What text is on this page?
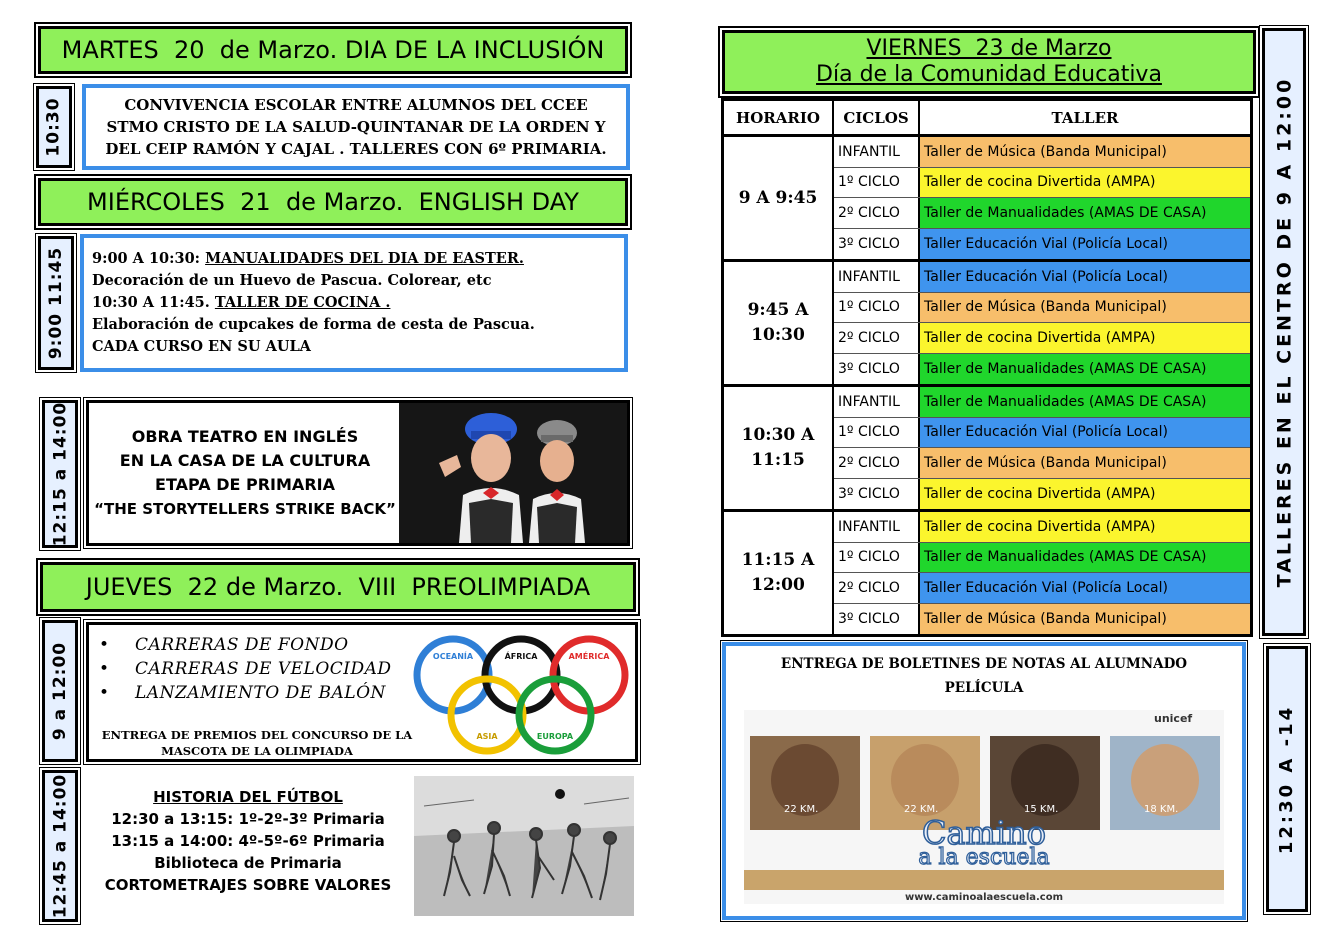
MARTES  20  de Marzo. DIA DE LA INCLUSIÓN
10:30	CONVIVENCIA ESCOLAR ENTRE ALUMNOS DEL CCEE STMO CRISTO DE LA SALUD-QUINTANAR DE LA ORDEN Y DEL CEIP RAMÓN Y CAJAL . TALLERES CON 6º PRIMARIA.

MIÉRCOLES  21  de Marzo.  ENGLISH DAY
9:00 11:45 9:00 A 10:30: MANUALIDADES DEL DIA DE EASTER.
Decoración de un Huevo de Pascua. Colorear, etc
10:30 A 11:45. TALLER DE COCINA .
Elaboración de cupcakes de forma de cesta de Pascua.
CADA CURSO EN SU AULA
12:15 a 14:00	OBRA TEATRO EN INGLÉS
EN LA CASA DE LA CULTURA
ETAPA DE PRIMARIA
“THE STORYTELLERS STRIKE BACK”
JUEVES  22 de Marzo.  VIII  PREOLIMPIADA
9 a 12:00
•	CARRERAS DE FONDO
• CARRERAS DE VELOCIDAD
• LANZAMIENTO DE BALÓN
ENTREGA DE PREMIOS DEL CONCURSO DE LA
MASCOTA DE LA OLIMPIADA
OCEANÍA	ÁFRICA	AMÉRICA
ASIA	EUROPA
12:45 a 14:00	HISTORIA DEL FÚTBOL
12:30 a 13:15: 1º-2º-3º Primaria
13:15 a 14:00: 4º-5º-6º Primaria
Biblioteca de Primaria
CORTOMETRAJES SOBRE VALORES
VIERNES  23 de Marzo
Día de la Comunidad Educativa
HORARIO	CICLOS	TALLER
9 A 9:45
INFANTIL	Taller de Música (Banda Municipal)
1º CICLO	Taller de cocina Divertida (AMPA)
2º CICLO	Taller de Manualidades (AMAS DE CASA)
3º CICLO	Taller Educación Vial (Policía Local)
9:45 A
10:30
INFANTIL	Taller Educación Vial (Policía Local)
1º CICLO	Taller de Música (Banda Municipal)
2º CICLO	Taller de cocina Divertida (AMPA)
3º CICLO	Taller de Manualidades (AMAS DE CASA)
10:30 A
11:15
INFANTIL	Taller de Manualidades (AMAS DE CASA)
1º CICLO	Taller Educación Vial (Policía Local)
2º CICLO	Taller de Música (Banda Municipal)
3º CICLO	Taller de cocina Divertida (AMPA)
11:15 A
12:00
INFANTIL	Taller de cocina Divertida (AMPA)
1º CICLO	Taller de Manualidades (AMAS DE CASA)
2º CICLO	Taller Educación Vial (Policía Local)
3º CICLO	Taller de Música (Banda Municipal)
TALLERES EN EL CENTRO DE 9 A 12:00
ENTREGA DE BOLETINES DE NOTAS AL ALUMNADO
PELÍCULA
unicef
22 KM.	22 KM.	15 KM.	18 KM.
Camino
a la escuela
www.caminoalaescuela.com
12:30 A -14
